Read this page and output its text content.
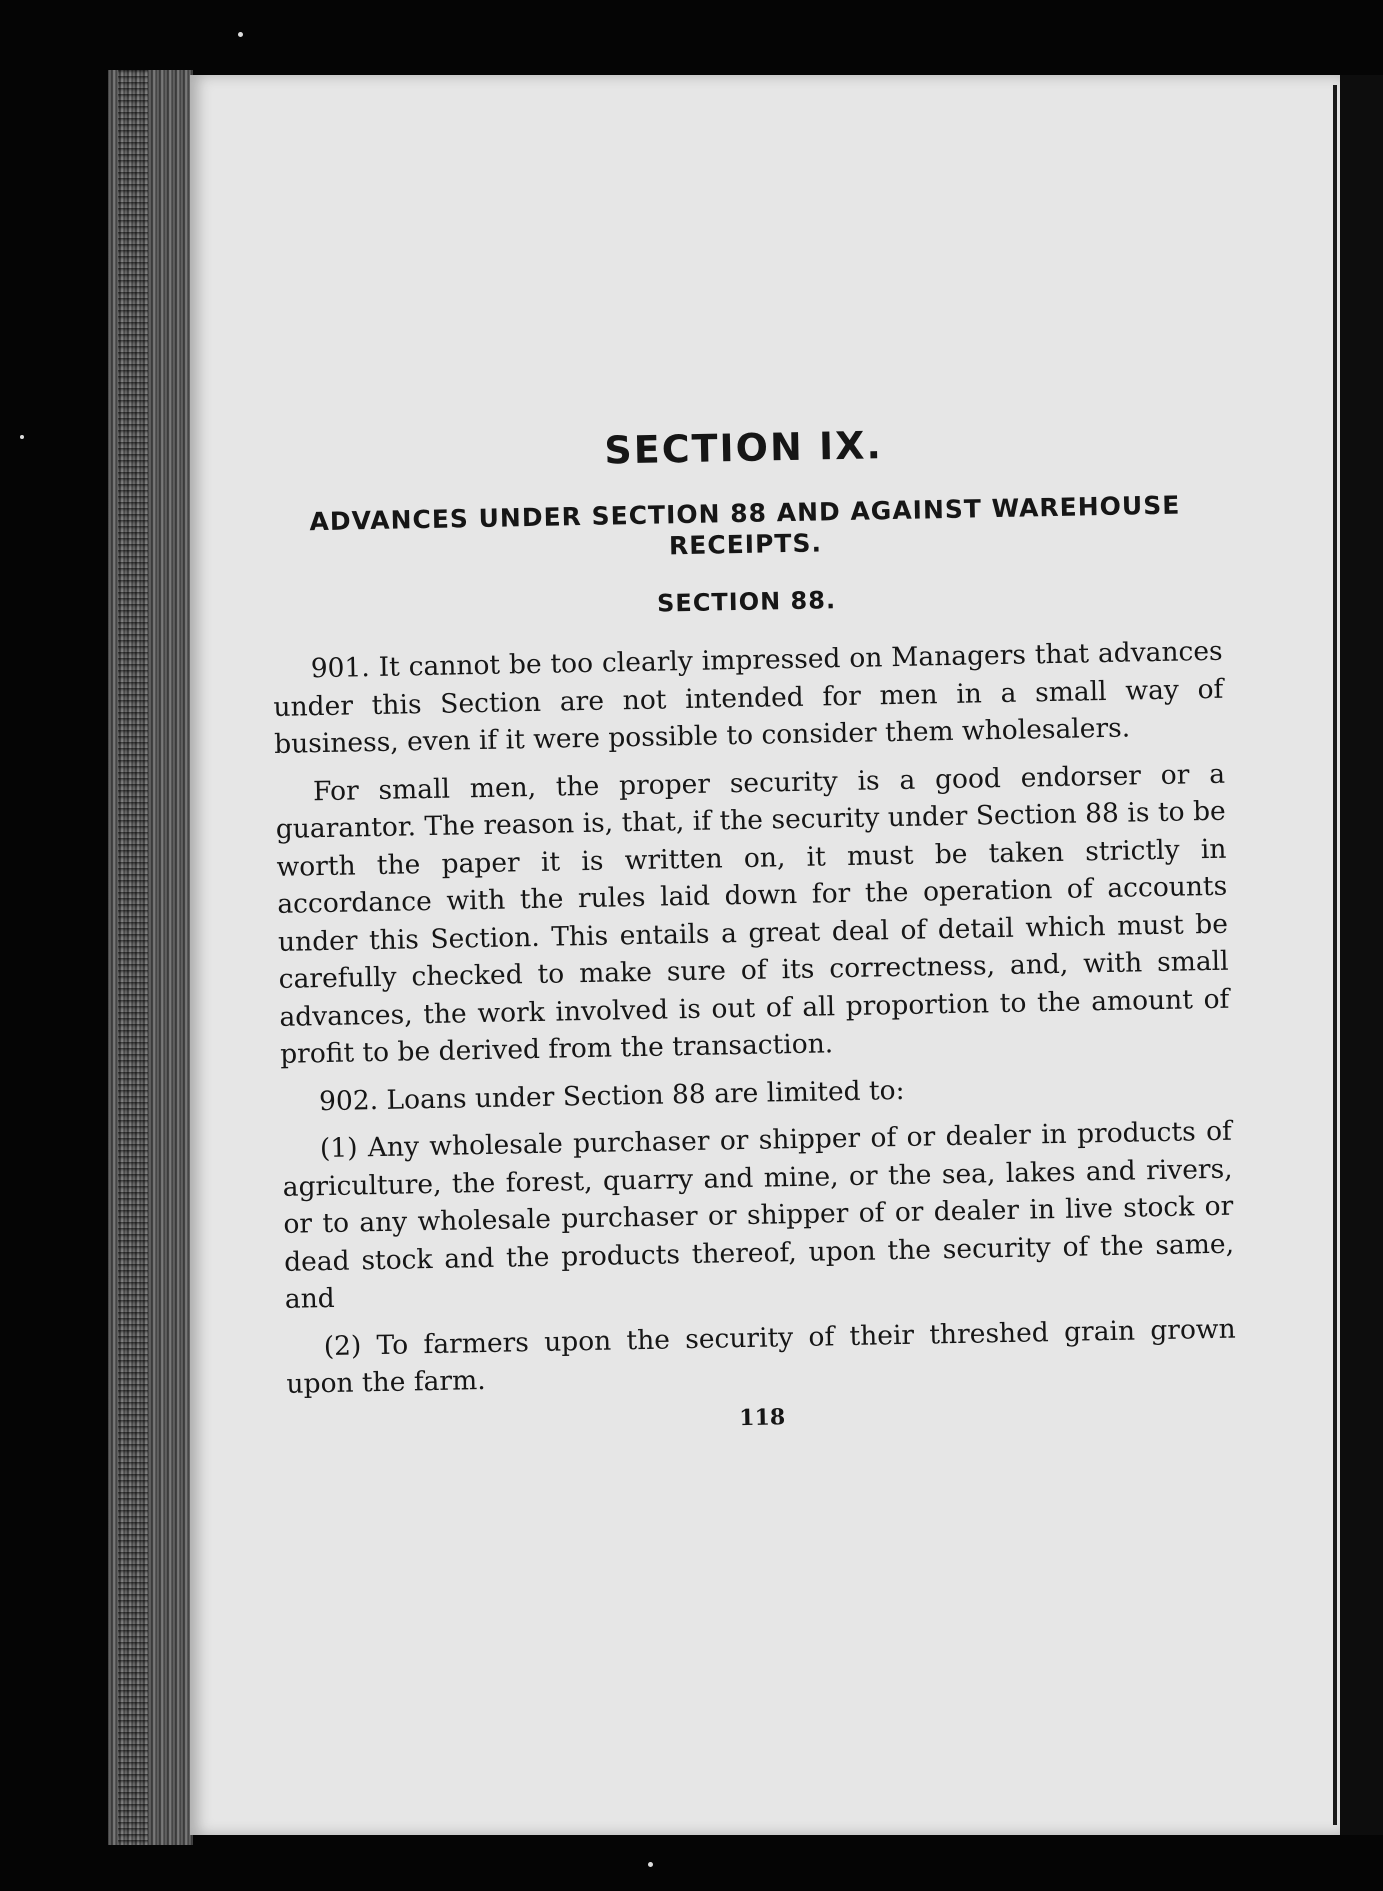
SECTION IX.
ADVANCES UNDER SECTION 88 AND AGAINST WAREHOUSE RECEIPTS.
SECTION 88.

901. It cannot be too clearly impressed on Managers that advances under this Section are not intended for men in a small way of business, even if it were possible to consider them wholesalers.

For small men, the proper security is a good endorser or a guarantor. The reason is, that, if the security under Section 88 is to be worth the paper it is written on, it must be taken strictly in accordance with the rules laid down for the operation of accounts under this Section. This entails a great deal of detail which must be carefully checked to make sure of its correctness, and, with small advances, the work involved is out of all proportion to the amount of profit to be derived from the transaction.

902. Loans under Section 88 are limited to:

(1) Any wholesale purchaser or shipper of or dealer in products of agriculture, the forest, quarry and mine, or the sea, lakes and rivers, or to any wholesale purchaser or shipper of or dealer in live stock or dead stock and the products thereof, upon the security of the same, and

(2) To farmers upon the security of their threshed grain grown upon the farm.

118
